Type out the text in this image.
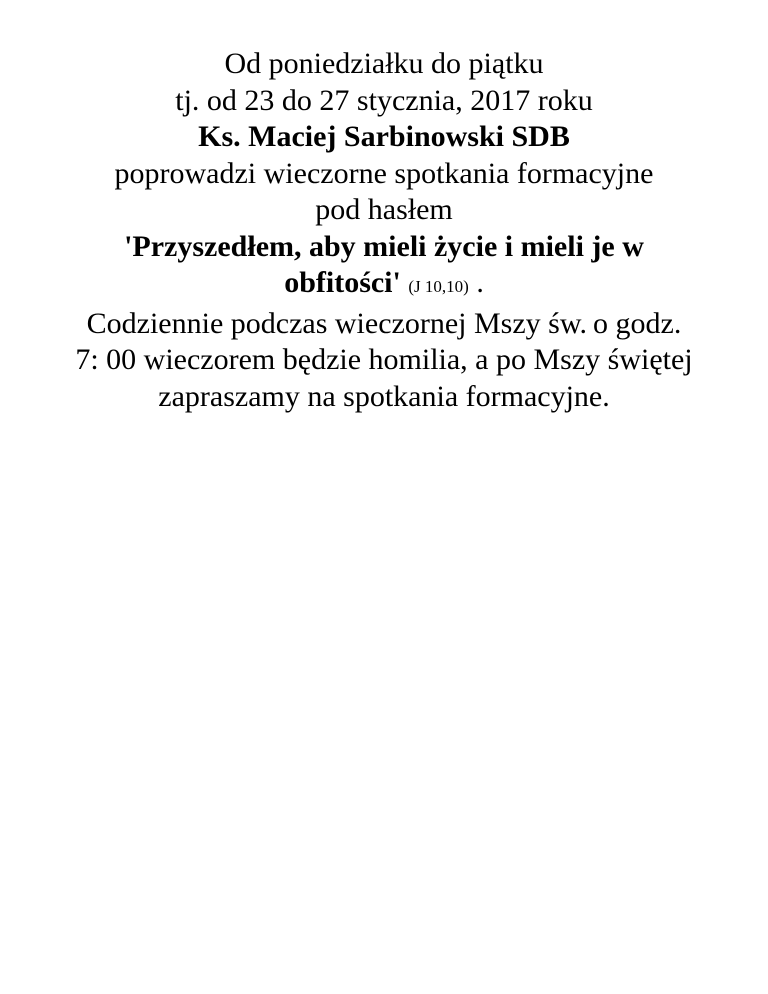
Od poniedziałku do piątku
tj. od 23 do 27 stycznia, 2017 roku
Ks. Maciej Sarbinowski SDB
poprowadzi wieczorne spotkania formacyjne
pod hasłem
'Przyszedłem, aby mieli życie i mieli je w
obfitości' (J 10,10) .
Codziennie podczas wieczornej Mszy św. o godz.
7: 00 wieczorem będzie homilia, a po Mszy świętej
zapraszamy na spotkania formacyjne.
